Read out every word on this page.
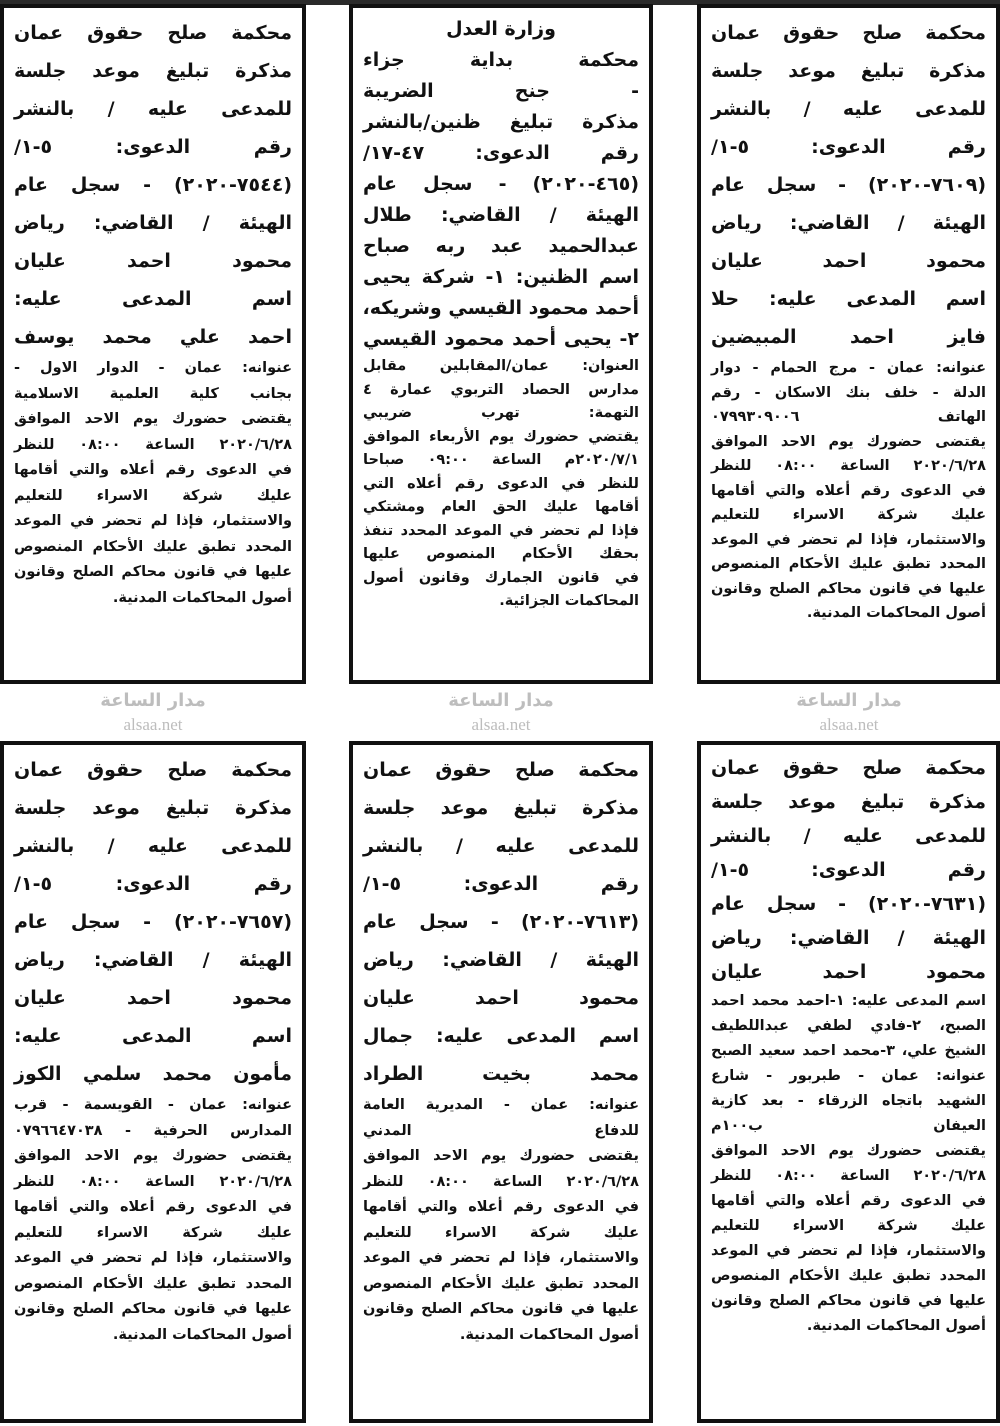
محكمة صلح حقوق عمان
مذكرة تبليغ موعد جلسة
للمدعى عليه / بالنشر
رقم الدعوى: ٥-١/
(٧٦٠٩-٢٠٢٠) - سجل عام
الهيئة / القاضي: رياض
محمود احمد عليان
اسم المدعى عليه: حلا
فايز احمد المبيضين
عنوانه: عمان - مرج الحمام - دوار
الدلة - خلف بنك الاسكان - رقم
الهاتف ٠٧٩٩٣٠٩٠٠٦
يقتضى حضورك يوم الاحد الموافق
٢٠٢٠/٦/٢٨ الساعة ٠٨:٠٠ للنظر
في الدعوى رقم أعلاه والتي أقامها
عليك شركة الاسراء للتعليم
والاستثمار، فإذا لم تحضر في الموعد
المحدد تطبق عليك الأحكام المنصوص
عليها في قانون محاكم الصلح وقانون
أصول المحاكمات المدنية.
وزارة العدل
محكمة بداية جزاء
- جنح الضريبة
مذكرة تبليغ ظنين/بالنشر
رقم الدعوى: ٤٧-١٧/
(٤٦٥-٢٠٢٠) - سجل عام
الهيئة / القاضي: طلال
عبدالحميد عبد ربه صباح
اسم الظنين: ١- شركة يحيى
أحمد محمود القيسي وشريكه،
٢- يحيى أحمد محمود القيسي
العنوان: عمان/المقابلين مقابل
مدارس الحصاد التربوي عمارة ٤
التهمة: تهرب ضريبي
يقتضي حضورك يوم الأربعاء الموافق
٢٠٢٠/٧/١م الساعة ٠٩:٠٠ صباحا
للنظر في الدعوى رقم أعلاه التي
أقامها عليك الحق العام ومشتكي
فإذا لم تحضر في الموعد المحدد تنفذ
بحقك الأحكام المنصوص عليها
في قانون الجمارك وقانون أصول
المحاكمات الجزائية.
محكمة صلح حقوق عمان
مذكرة تبليغ موعد جلسة
للمدعى عليه / بالنشر
رقم الدعوى: ٥-١/
(٧٥٤٤-٢٠٢٠) - سجل عام
الهيئة / القاضي: رياض
محمود احمد عليان
اسم المدعى عليه:
احمد علي محمد يوسف
عنوانه: عمان - الدوار الاول -
بجانب كلية العلمية الاسلامية
يقتضى حضورك يوم الاحد الموافق
٢٠٢٠/٦/٢٨ الساعة ٠٨:٠٠ للنظر
في الدعوى رقم أعلاه والتي أقامها
عليك شركة الاسراء للتعليم
والاستثمار، فإذا لم تحضر في الموعد
المحدد تطبق عليك الأحكام المنصوص
عليها في قانون محاكم الصلح وقانون
أصول المحاكمات المدنية.
محكمة صلح حقوق عمان
مذكرة تبليغ موعد جلسة
للمدعى عليه / بالنشر
رقم الدعوى: ٥-١/
(٧٦٣١-٢٠٢٠) - سجل عام
الهيئة / القاضي: رياض
محمود احمد عليان
اسم المدعى عليه: ١-احمد محمد احمد
الصبح، ٢-فادي لطفي عبداللطيف
الشيخ علي، ٣-محمد احمد سعيد الصبح
عنوانه: عمان - طبربور - شارع
الشهيد باتجاه الزرقاء - بعد كازية
العيفان ب١٠٠م
يقتضى حضورك يوم الاحد الموافق
٢٠٢٠/٦/٢٨ الساعة ٠٨:٠٠ للنظر
في الدعوى رقم أعلاه والتي أقامها
عليك شركة الاسراء للتعليم
والاستثمار، فإذا لم تحضر في الموعد
المحدد تطبق عليك الأحكام المنصوص
عليها في قانون محاكم الصلح وقانون
أصول المحاكمات المدنية.
محكمة صلح حقوق عمان
مذكرة تبليغ موعد جلسة
للمدعى عليه / بالنشر
رقم الدعوى: ٥-١/
(٧٦١٣-٢٠٢٠) - سجل عام
الهيئة / القاضي: رياض
محمود احمد عليان
اسم المدعى عليه: جمال
محمد بخيت الطراد
عنوانه: عمان - المديرية العامة
للدفاع المدني
يقتضى حضورك يوم الاحد الموافق
٢٠٢٠/٦/٢٨ الساعة ٠٨:٠٠ للنظر
في الدعوى رقم أعلاه والتي أقامها
عليك شركة الاسراء للتعليم
والاستثمار، فإذا لم تحضر في الموعد
المحدد تطبق عليك الأحكام المنصوص
عليها في قانون محاكم الصلح وقانون
أصول المحاكمات المدنية.
محكمة صلح حقوق عمان
مذكرة تبليغ موعد جلسة
للمدعى عليه / بالنشر
رقم الدعوى: ٥-١/
(٧٦٥٧-٢٠٢٠) - سجل عام
الهيئة / القاضي: رياض
محمود احمد عليان
اسم المدعى عليه:
مأمون محمد سلمي الكوز
عنوانه: عمان - القويسمة - قرب
المدارس الحرفية - ٠٧٩٦٦٤٧٠٣٨
يقتضى حضورك يوم الاحد الموافق
٢٠٢٠/٦/٢٨ الساعة ٠٨:٠٠ للنظر
في الدعوى رقم أعلاه والتي أقامها
عليك شركة الاسراء للتعليم
والاستثمار، فإذا لم تحضر في الموعد
المحدد تطبق عليك الأحكام المنصوص
عليها في قانون محاكم الصلح وقانون
أصول المحاكمات المدنية.
مدار الساعة
alsaa.net
مدار الساعة
alsaa.net
مدار الساعة
alsaa.net
